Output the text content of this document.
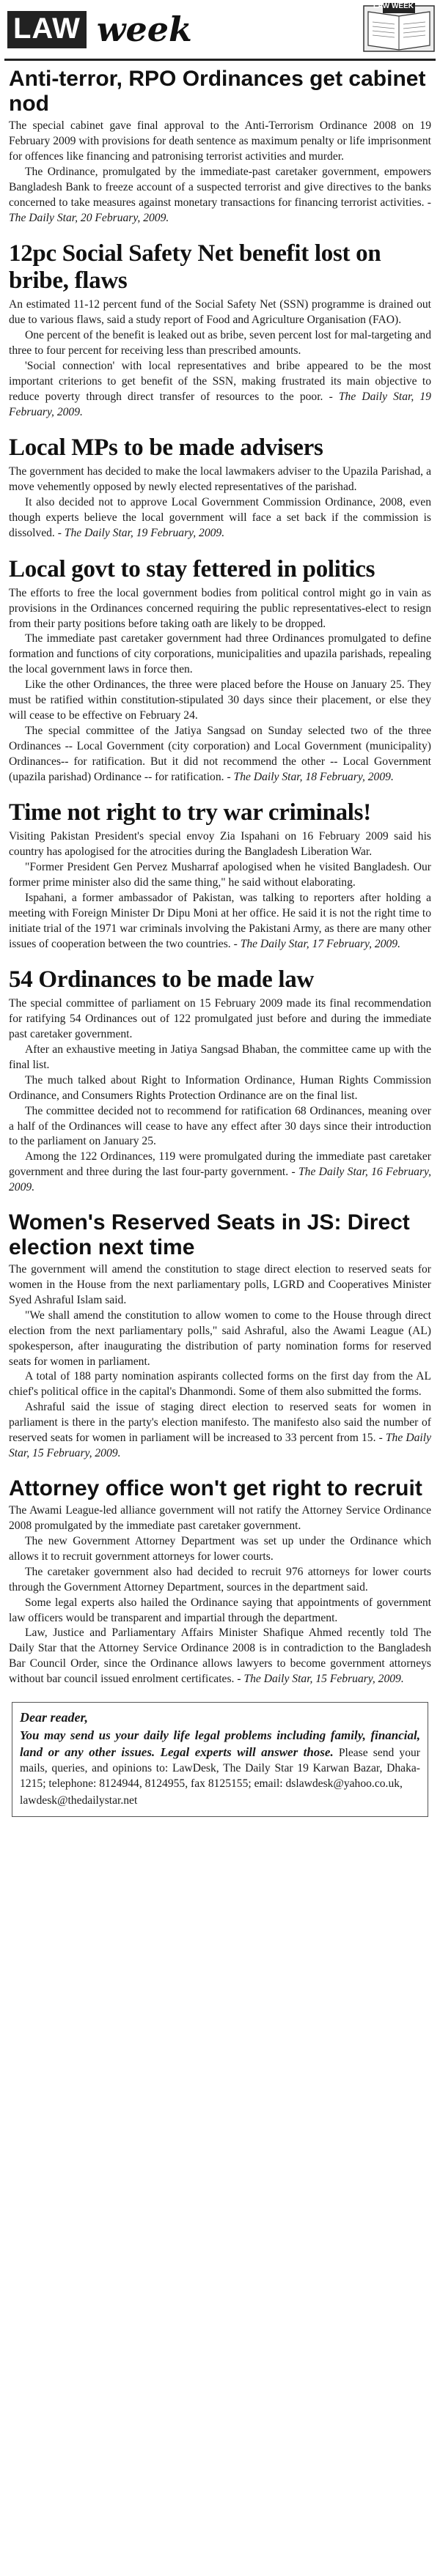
LAW week
LAW WEEK
Anti-terror, RPO Ordinances get cabinet nod

The special cabinet gave final approval to the Anti-Terrorism Ordinance 2008 on 19 February 2009 with provisions for death sentence as maximum penalty or life imprisonment for offences like financing and patronising terrorist activities and murder.

The Ordinance, promulgated by the immediate-past caretaker government, empowers Bangladesh Bank to freeze account of a suspected terrorist and give directives to the banks concerned to take measures against monetary transactions for financing terrorist activities. - The Daily Star, 20 February, 2009.

12pc Social Safety Net benefit lost on bribe, flaws

An estimated 11-12 percent fund of the Social Safety Net (SSN) programme is drained out due to various flaws, said a study report of Food and Agriculture Organisation (FAO).

One percent of the benefit is leaked out as bribe, seven percent lost for mal-targeting and three to four percent for receiving less than prescribed amounts.

'Social connection' with local representatives and bribe appeared to be the most important criterions to get benefit of the SSN, making frustrated its main objective to reduce poverty through direct transfer of resources to the poor. - The Daily Star, 19 February, 2009.

Local MPs to be made advisers

The government has decided to make the local lawmakers adviser to the Upazila Parishad, a move vehemently opposed by newly elected representatives of the parishad.

It also decided not to approve Local Government Commission Ordinance, 2008, even though experts believe the local government will face a set back if the commission is dissolved. - The Daily Star, 19 February, 2009.

Local govt to stay fettered in politics

The efforts to free the local government bodies from political control might go in vain as provisions in the Ordinances concerned requiring the public representatives-elect to resign from their party positions before taking oath are likely to be dropped.

The immediate past caretaker government had three Ordinances promulgated to define formation and functions of city corporations, municipalities and upazila parishads, repealing the local government laws in force then.

Like the other Ordinances, the three were placed before the House on January 25. They must be ratified within constitution-stipulated 30 days since their placement, or else they will cease to be effective on February 24.

The special committee of the Jatiya Sangsad on Sunday selected two of the three Ordinances -- Local Government (city corporation) and Local Government (municipality) Ordinances-- for ratification. But it did not recommend the other -- Local Government (upazila parishad) Ordinance -- for ratification. - The Daily Star, 18 February, 2009.

Time not right to try war criminals!

Visiting Pakistan President's special envoy Zia Ispahani on 16 February 2009 said his country has apologised for the atrocities during the Bangladesh Liberation War.

"Former President Gen Pervez Musharraf apologised when he visited Bangladesh. Our former prime minister also did the same thing," he said without elaborating.

Ispahani, a former ambassador of Pakistan, was talking to reporters after holding a meeting with Foreign Minister Dr Dipu Moni at her office. He said it is not the right time to initiate trial of the 1971 war criminals involving the Pakistani Army, as there are many other issues of cooperation between the two countries. - The Daily Star, 17 February, 2009.

54 Ordinances to be made law

The special committee of parliament on 15 February 2009 made its final recommendation for ratifying 54 Ordinances out of 122 promulgated just before and during the immediate past caretaker government.

After an exhaustive meeting in Jatiya Sangsad Bhaban, the committee came up with the final list.

The much talked about Right to Information Ordinance, Human Rights Commission Ordinance, and Consumers Rights Protection Ordinance are on the final list.

The committee decided not to recommend for ratification 68 Ordinances, meaning over a half of the Ordinances will cease to have any effect after 30 days since their introduction to the parliament on January 25.

Among the 122 Ordinances, 119 were promulgated during the immediate past caretaker government and three during the last four-party government. - The Daily Star, 16 February, 2009.

Women's Reserved Seats in JS: Direct election next time

The government will amend the constitution to stage direct election to reserved seats for women in the House from the next parliamentary polls, LGRD and Cooperatives Minister Syed Ashraful Islam said.

"We shall amend the constitution to allow women to come to the House through direct election from the next parliamentary polls," said Ashraful, also the Awami League (AL) spokesperson, after inaugurating the distribution of party nomination forms for reserved seats for women in parliament.

A total of 188 party nomination aspirants collected forms on the first day from the AL chief's political office in the capital's Dhanmondi. Some of them also submitted the forms.

Ashraful said the issue of staging direct election to reserved seats for women in parliament is there in the party's election manifesto. The manifesto also said the number of reserved seats for women in parliament will be increased to 33 percent from 15. - The Daily Star, 15 February, 2009.

Attorney office won't get right to recruit

The Awami League-led alliance government will not ratify the Attorney Service Ordinance 2008 promulgated by the immediate past caretaker government.

The new Government Attorney Department was set up under the Ordinance which allows it to recruit government attorneys for lower courts.

The caretaker government also had decided to recruit 976 attorneys for lower courts through the Government Attorney Department, sources in the department said.

Some legal experts also hailed the Ordinance saying that appointments of government law officers would be transparent and impartial through the department.

Law, Justice and Parliamentary Affairs Minister Shafique Ahmed recently told The Daily Star that the Attorney Service Ordinance 2008 is in contradiction to the Bangladesh Bar Council Order, since the Ordinance allows lawyers to become government attorneys without bar council issued enrolment certificates. - The Daily Star, 15 February, 2009.

Dear reader,
You may send us your daily life legal problems including family, financial, land or any other issues. Legal experts will answer those. Please send your mails, queries, and opinions to: LawDesk, The Daily Star 19 Karwan Bazar, Dhaka-1215; telephone: 8124944, 8124955, fax 8125155; email: dslawdesk@yahoo.co.uk,
lawdesk@thedailystar.net
